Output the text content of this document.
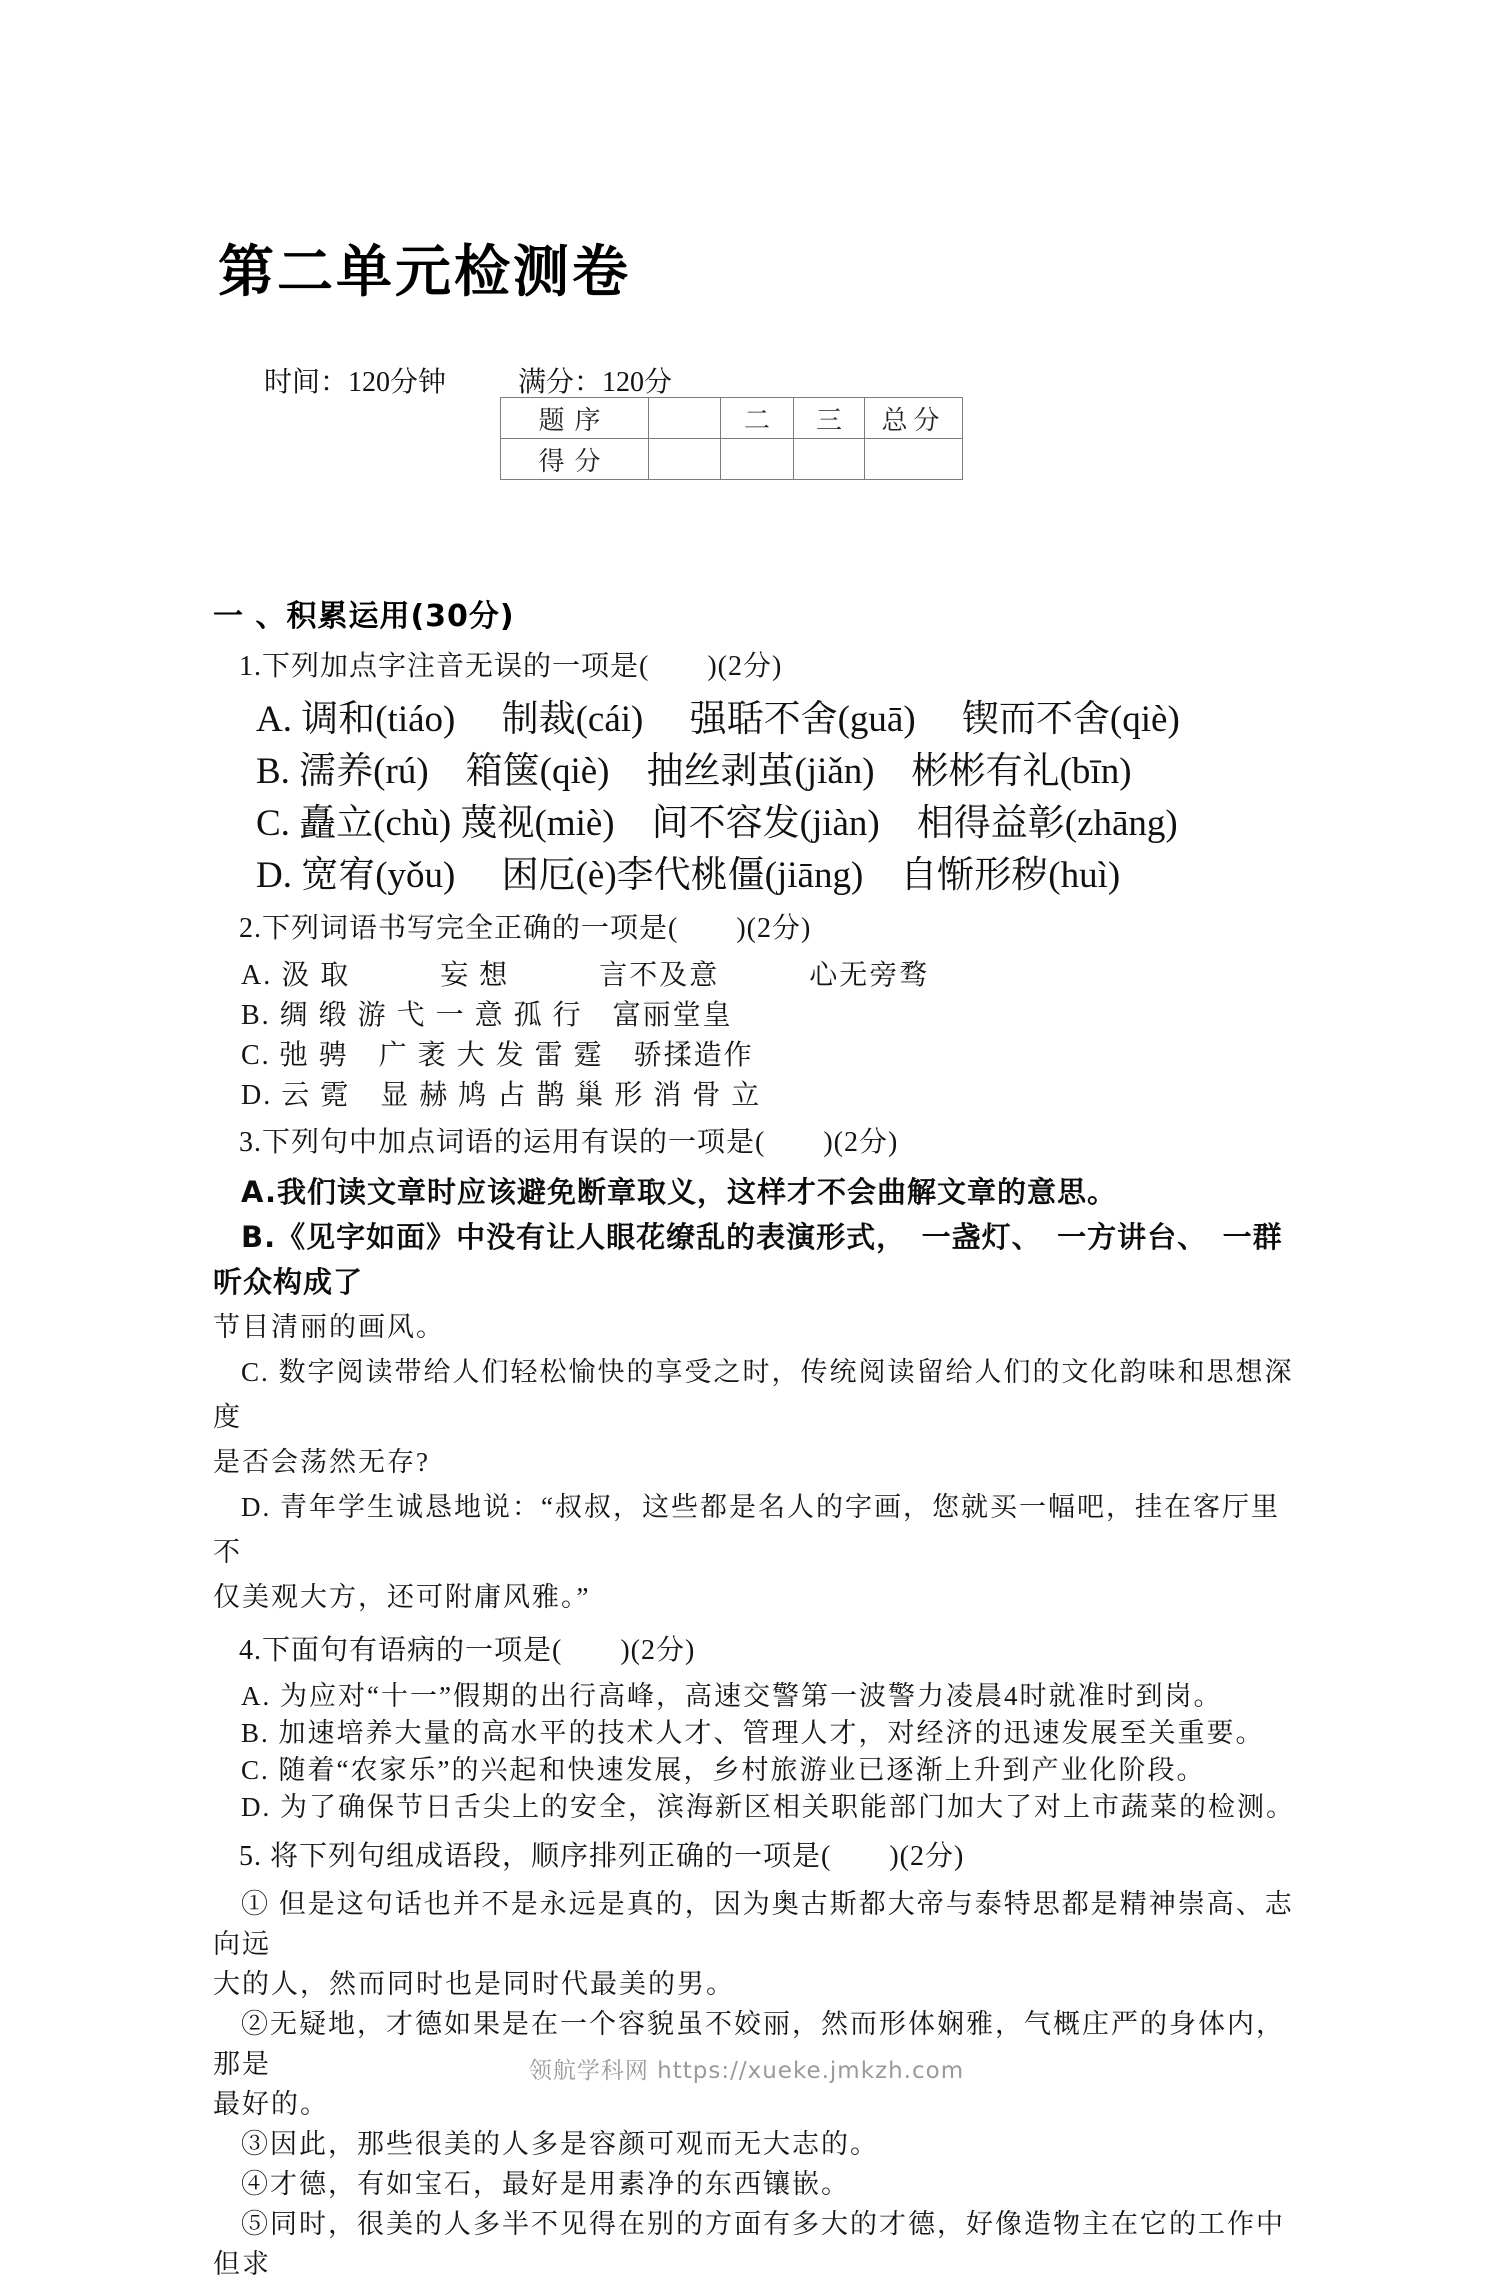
第二单元检测卷
时间：120分钟	满分：120分
题序		二	三	总分
得分				
一 、积累运用(30分)
1.下列加点字注音无误的一项是(　　)(2分)
A. 调和(tiáo)　 制裁(cái)　 强聒不舍(guā)　 锲而不舍(qiè)
B. 濡养(rú)　箱箧(qiè)　抽丝剥茧(jiǎn)　彬彬有礼(bīn)
C. 矗立(chù) 蔑视(miè)　间不容发(jiàn)　相得益彰(zhāng)
D. 宽宥(yǒu)　 困厄(è)李代桃僵(jiāng)　自惭形秽(huì)
2.下列词语书写完全正确的一项是(　　)(2分)
A. 汲 取　　　妄 想　　　言不及意　　　心无旁骛
B. 绸 缎 游 弋 一 意 孤 行　富丽堂皇
C. 弛 骋　广 袤 大 发 雷 霆　骄揉造作
D. 云 霓　显 赫 鸠 占 鹊 巢 形 消 骨 立
3.下列句中加点词语的运用有误的一项是(　　)(2分)
A.我们读文章时应该避免断章取义，这样才不会曲解文章的意思。
B.《见字如面》中没有让人眼花缭乱的表演形式，　一盏灯、　一方讲台、　一群听众构成了
节目清丽的画风。
C. 数字阅读带给人们轻松愉快的享受之时，传统阅读留给人们的文化韵味和思想深度
是否会荡然无存?
D. 青年学生诚恳地说：“叔叔，这些都是名人的字画，您就买一幅吧，挂在客厅里不
仅美观大方，还可附庸风雅。”
4.下面句有语病的一项是(　　)(2分)
A. 为应对“十一”假期的出行高峰，高速交警第一波警力凌晨4时就准时到岗。
B. 加速培养大量的高水平的技术人才、管理人才，对经济的迅速发展至关重要。
C. 随着“农家乐”的兴起和快速发展，乡村旅游业已逐渐上升到产业化阶段。
D. 为了确保节日舌尖上的安全，滨海新区相关职能部门加大了对上市蔬菜的检测。
5. 将下列句组成语段，顺序排列正确的一项是(　　)(2分)
① 但是这句话也并不是永远是真的，因为奥古斯都大帝与泰特思都是精神崇高、志向远
大的人，然而同时也是同时代最美的男。
②无疑地，才德如果是在一个容貌虽不姣丽，然而形体娴雅，气概庄严的身体内，那是
最好的。
③因此，那些很美的人多是容颜可观而无大志的。
④才德，有如宝石，最好是用素净的东西镶嵌。
⑤同时，很美的人多半不见得在别的方面有多大的才德，好像造物主在它的工作中但求
领航学科网 https://xueke.jmkzh.com
